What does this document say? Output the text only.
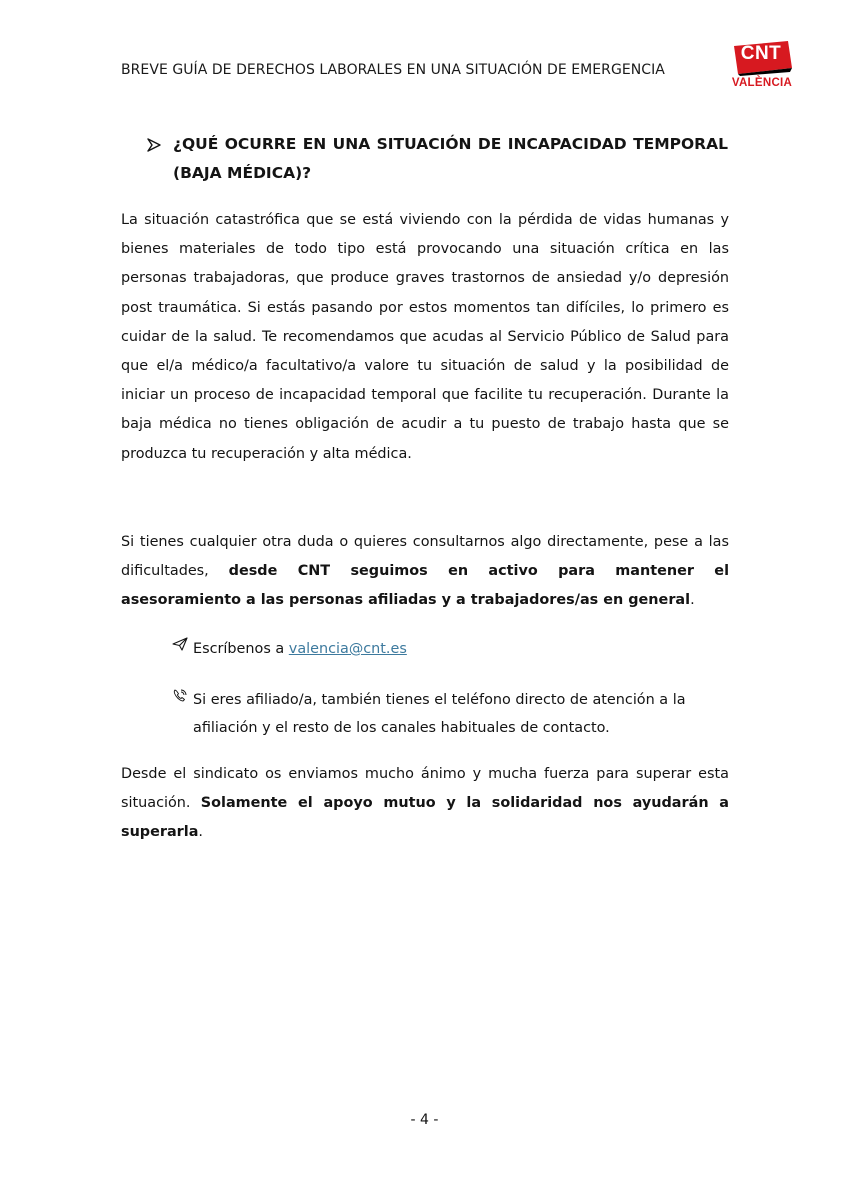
BREVE GUÍA DE DERECHOS LABORALES EN UNA SITUACIÓN DE EMERGENCIA
CNT
VALÈNCIA
¿QUÉ OCURRE EN UNA SITUACIÓN DE INCAPACIDAD TEMPORAL (BAJA MÉDICA)?

La situación catastrófica que se está viviendo con la pérdida de vidas humanas y bienes materiales de todo tipo está provocando una situación crítica en las personas trabajadoras, que produce graves trastornos de ansiedad y/o depresión post traumática. Si estás pasando por estos momentos tan difíciles, lo primero es cuidar de la salud. Te recomendamos que acudas al Servicio Público de Salud para que el/a médico/a facultativo/a valore tu situación de salud y la posibilidad de iniciar un proceso de incapacidad temporal que facilite tu recuperación. Durante la baja médica no tienes obligación de acudir a tu puesto de trabajo hasta que se produzca tu recuperación y alta médica.

Si tienes cualquier otra duda o quieres consultarnos algo directamente, pese a las dificultades, desde CNT seguimos en activo para mantener el asesoramiento a las personas afiliadas y a trabajadores/as en general.

Escríbenos a valencia@cnt.es
Si eres afiliado/a, también tienes el teléfono directo de atención a la afiliación y el resto de los canales habituales de contacto.

Desde el sindicato os enviamos mucho ánimo y mucha fuerza para superar esta situación. Solamente el apoyo mutuo y la solidaridad nos ayudarán a superarla.

- 4 -
